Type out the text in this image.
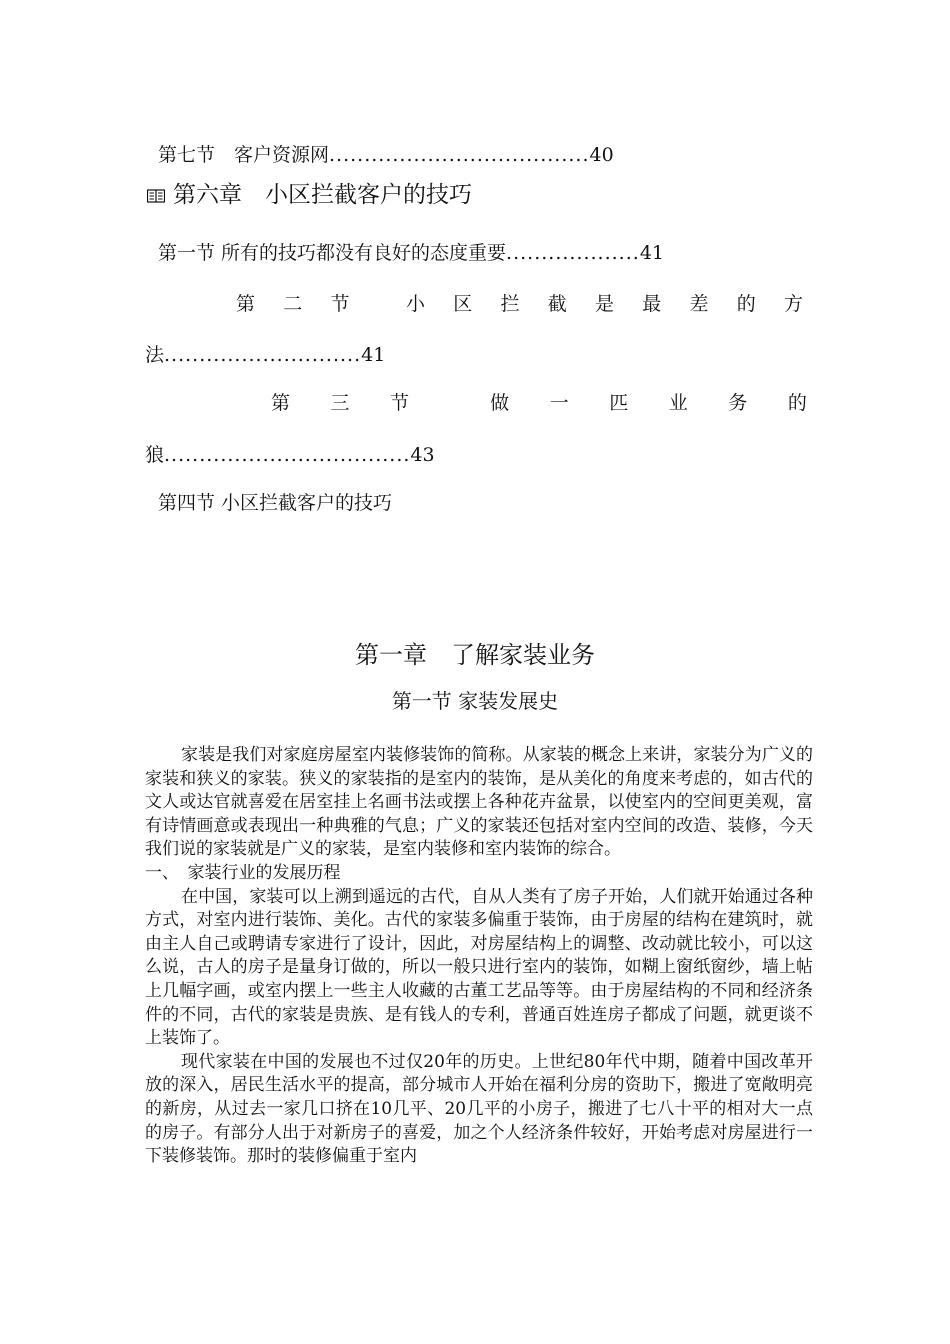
第七节　客户资源网.....................................40
第六章　小区拦截客户的技巧
第一节 所有的技巧都没有良好的态度重要...................41
第 二 节	小 区 拦 截 是 最 差 的 方
法............................41
第 三 节	做 一 匹 业 务 的
狼...................................43
第四节 小区拦截客户的技巧
第一章　了解家装业务
第一节 家装发展史

家装是我们对家庭房屋室内装修装饰的简称。从家装的概念上来讲，家装分为广义的家装和狭义的家装。狭义的家装指的是室内的装饰，是从美化的角度来考虑的，如古代的文人或达官就喜爱在居室挂上名画书法或摆上各种花卉盆景，以使室内的空间更美观，富有诗情画意或表现出一种典雅的气息；广义的家装还包括对室内空间的改造、装修，今天我们说的家装就是广义的家装，是室内装修和室内装饰的综合。

一、　家装行业的发展历程

在中国，家装可以上溯到遥远的古代，自从人类有了房子开始，人们就开始通过各种方式，对室内进行装饰、美化。古代的家装多偏重于装饰，由于房屋的结构在建筑时，就由主人自己或聘请专家进行了设计，因此，对房屋结构上的调整、改动就比较小，可以这么说，古人的房子是量身订做的，所以一般只进行室内的装饰，如糊上窗纸窗纱，墙上帖上几幅字画，或室内摆上一些主人收藏的古董工艺品等等。由于房屋结构的不同和经济条件的不同，古代的家装是贵族、是有钱人的专利，普通百姓连房子都成了问题，就更谈不上装饰了。

现代家装在中国的发展也不过仅20年的历史。上世纪80年代中期，随着中国改革开放的深入，居民生活水平的提高，部分城市人开始在福利分房的资助下，搬进了宽敞明亮的新房，从过去一家几口挤在10几平、20几平的小房子，搬进了七八十平的相对大一点的房子。有部分人出于对新房子的喜爱，加之个人经济条件较好，开始考虑对房屋进行一下装修装饰。那时的装修偏重于室内
